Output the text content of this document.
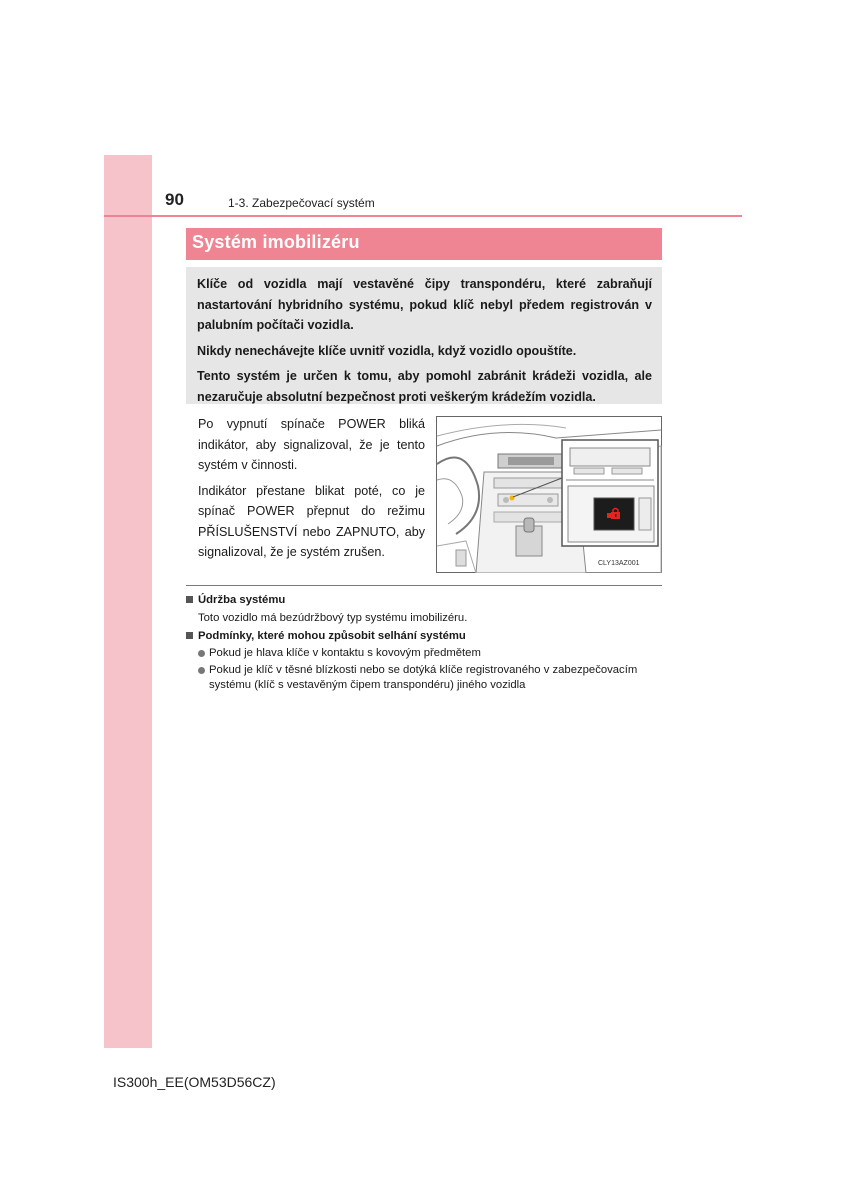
90	1-3. Zabezpečovací systém
Systém imobilizéru

Klíče od vozidla mají vestavěné čipy transpondéru, které zabraňují nastartování hybridního systému, pokud klíč nebyl předem registrován v palubním počítači vozidla.

Nikdy nenechávejte klíče uvnitř vozidla, když vozidlo opouštíte.

Tento systém je určen k tomu, aby pomohl zabránit krádeži vozidla, ale nezaručuje absolutní bezpečnost proti veškerým krádežím vozidla.

Po vypnutí spínače POWER bliká indikátor, aby signalizoval, že je tento systém v činnosti.

Indikátor přestane blikat poté, co je spínač POWER přepnut do režimu PŘÍSLUŠENSTVÍ nebo ZAPNUTO, aby signalizoval, že je systém zrušen.

CLY13AZ001
Údržba systému

Toto vozidlo má bezúdržbový typ systému imobilizéru.

Podmínky, které mohou způsobit selhání systému
Pokud je hlava klíče v kontaktu s kovovým předmětem
Pokud je klíč v těsné blízkosti nebo se dotýká klíče registrovaného v zabezpečovacím systému (klíč s vestavěným čipem transpondéru) jiného vozidla
IS300h_EE(OM53D56CZ)
